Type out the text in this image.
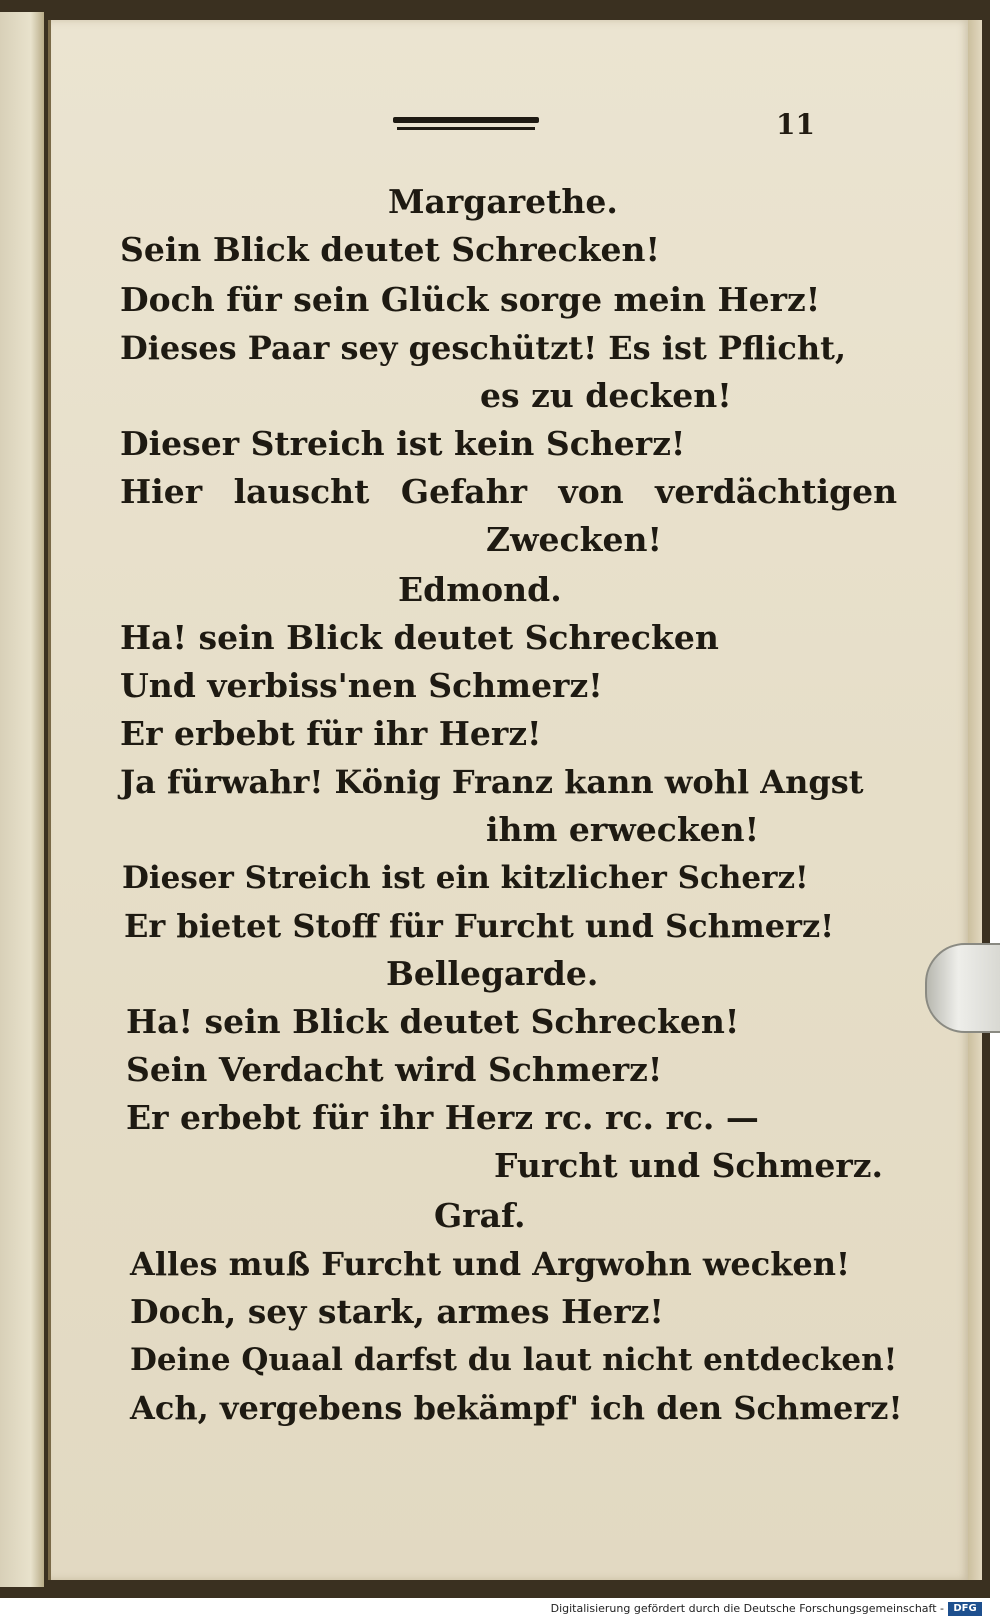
11
Margarethe.
Sein Blick deutet Schrecken!
Doch für sein Glück sorge mein Herz!
Dieses Paar sey geschützt! Es ist Pflicht,
es zu decken!
Dieser Streich ist kein Scherz!
Hier lauscht Gefahr von verdächtigen
Zwecken!
Edmond.
Ha! sein Blick deutet Schrecken
Und verbiss'nen Schmerz!
Er erbebt für ihr Herz!
Ja fürwahr! König Franz kann wohl Angst
ihm erwecken!
Dieser Streich ist ein kitzlicher Scherz!
Er bietet Stoff für Furcht und Schmerz!
Bellegarde.
Ha! sein Blick deutet Schrecken!
Sein Verdacht wird Schmerz!
Er erbebt für ihr Herz rc. rc. rc. —
Furcht und Schmerz.
Graf.
Alles muß Furcht und Argwohn wecken!
Doch, sey stark, armes Herz!
Deine Quaal darfst du laut nicht entdecken!
Ach, vergebens bekämpf' ich den Schmerz!
Digitalisierung gefördert durch die Deutsche Forschungsgemeinschaft - DFG
